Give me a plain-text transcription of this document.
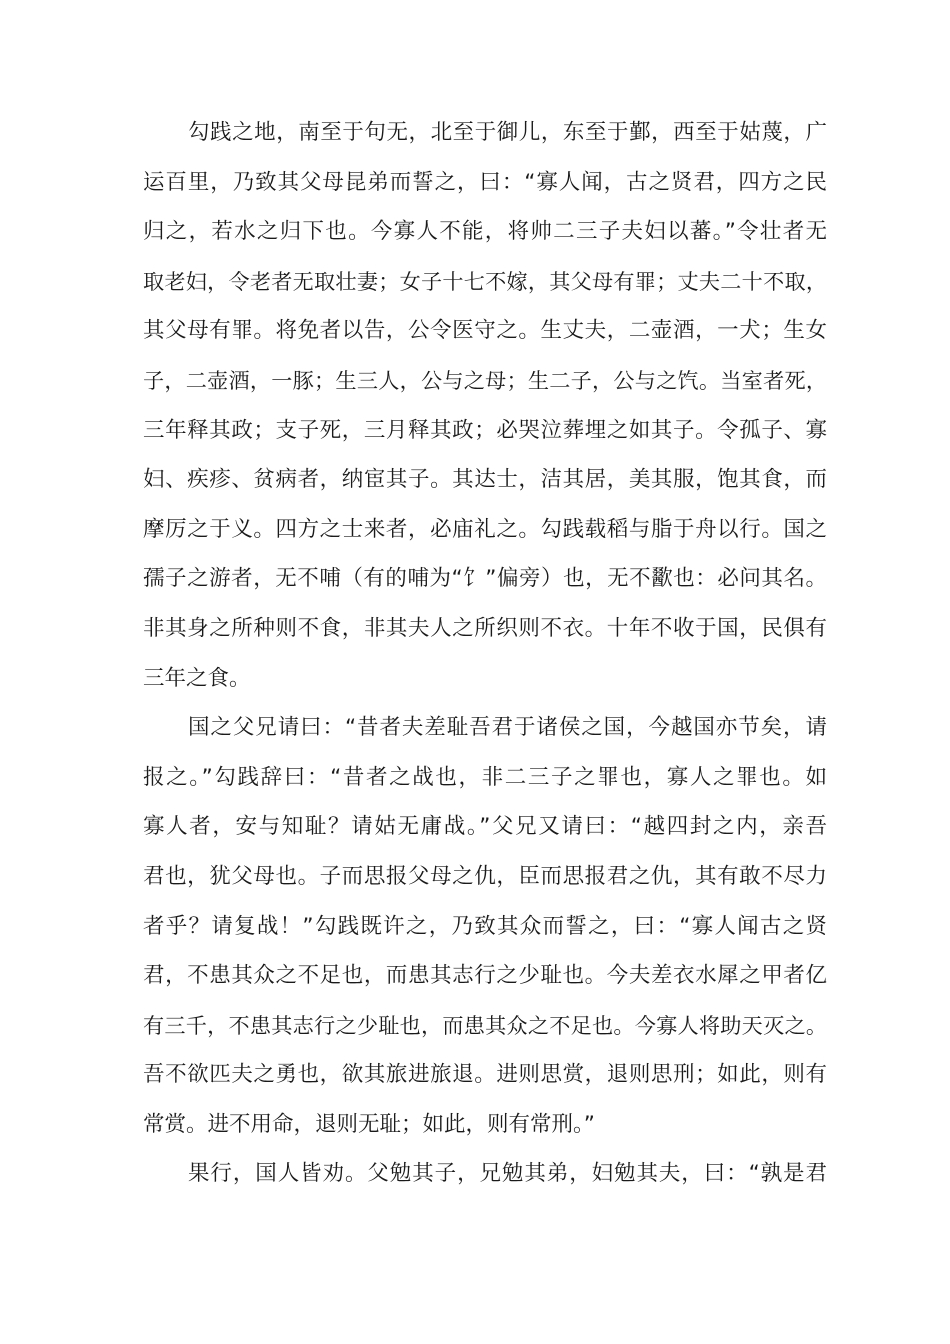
勾践之地，南至于句无，北至于御儿，东至于鄞，西至于姑蔑，广
运百里，乃致其父母昆弟而誓之，曰：“寡人闻，古之贤君，四方之民
归之，若水之归下也。今寡人不能，将帅二三子夫妇以蕃。”令壮者无
取老妇，令老者无取壮妻；女子十七不嫁，其父母有罪；丈夫二十不取，
其父母有罪。将免者以告，公令医守之。生丈夫，二壶酒，一犬；生女
子，二壶酒，一豚；生三人，公与之母；生二子，公与之饩。当室者死，
三年释其政；支子死，三月释其政；必哭泣葬埋之如其子。令孤子、寡
妇、疾疹、贫病者，纳宦其子。其达士，洁其居，美其服，饱其食，而
摩厉之于义。四方之士来者，必庙礼之。勾践载稻与脂于舟以行。国之
孺子之游者，无不哺（有的哺为“饣”偏旁）也，无不歠也：必问其名。
非其身之所种则不食，非其夫人之所织则不衣。十年不收于国，民俱有
三年之食。
国之父兄请曰：“昔者夫差耻吾君于诸侯之国，今越国亦节矣，请
报之。”勾践辞曰：“昔者之战也，非二三子之罪也，寡人之罪也。如
寡人者，安与知耻？请姑无庸战。”父兄又请曰：“越四封之内，亲吾
君也，犹父母也。子而思报父母之仇，臣而思报君之仇，其有敢不尽力
者乎？请复战！”勾践既许之，乃致其众而誓之，曰：“寡人闻古之贤
君，不患其众之不足也，而患其志行之少耻也。今夫差衣水犀之甲者亿
有三千，不患其志行之少耻也，而患其众之不足也。今寡人将助天灭之。
吾不欲匹夫之勇也，欲其旅进旅退。进则思赏，退则思刑；如此，则有
常赏。进不用命，退则无耻；如此，则有常刑。”
果行，国人皆劝。父勉其子，兄勉其弟，妇勉其夫，曰：“孰是君
